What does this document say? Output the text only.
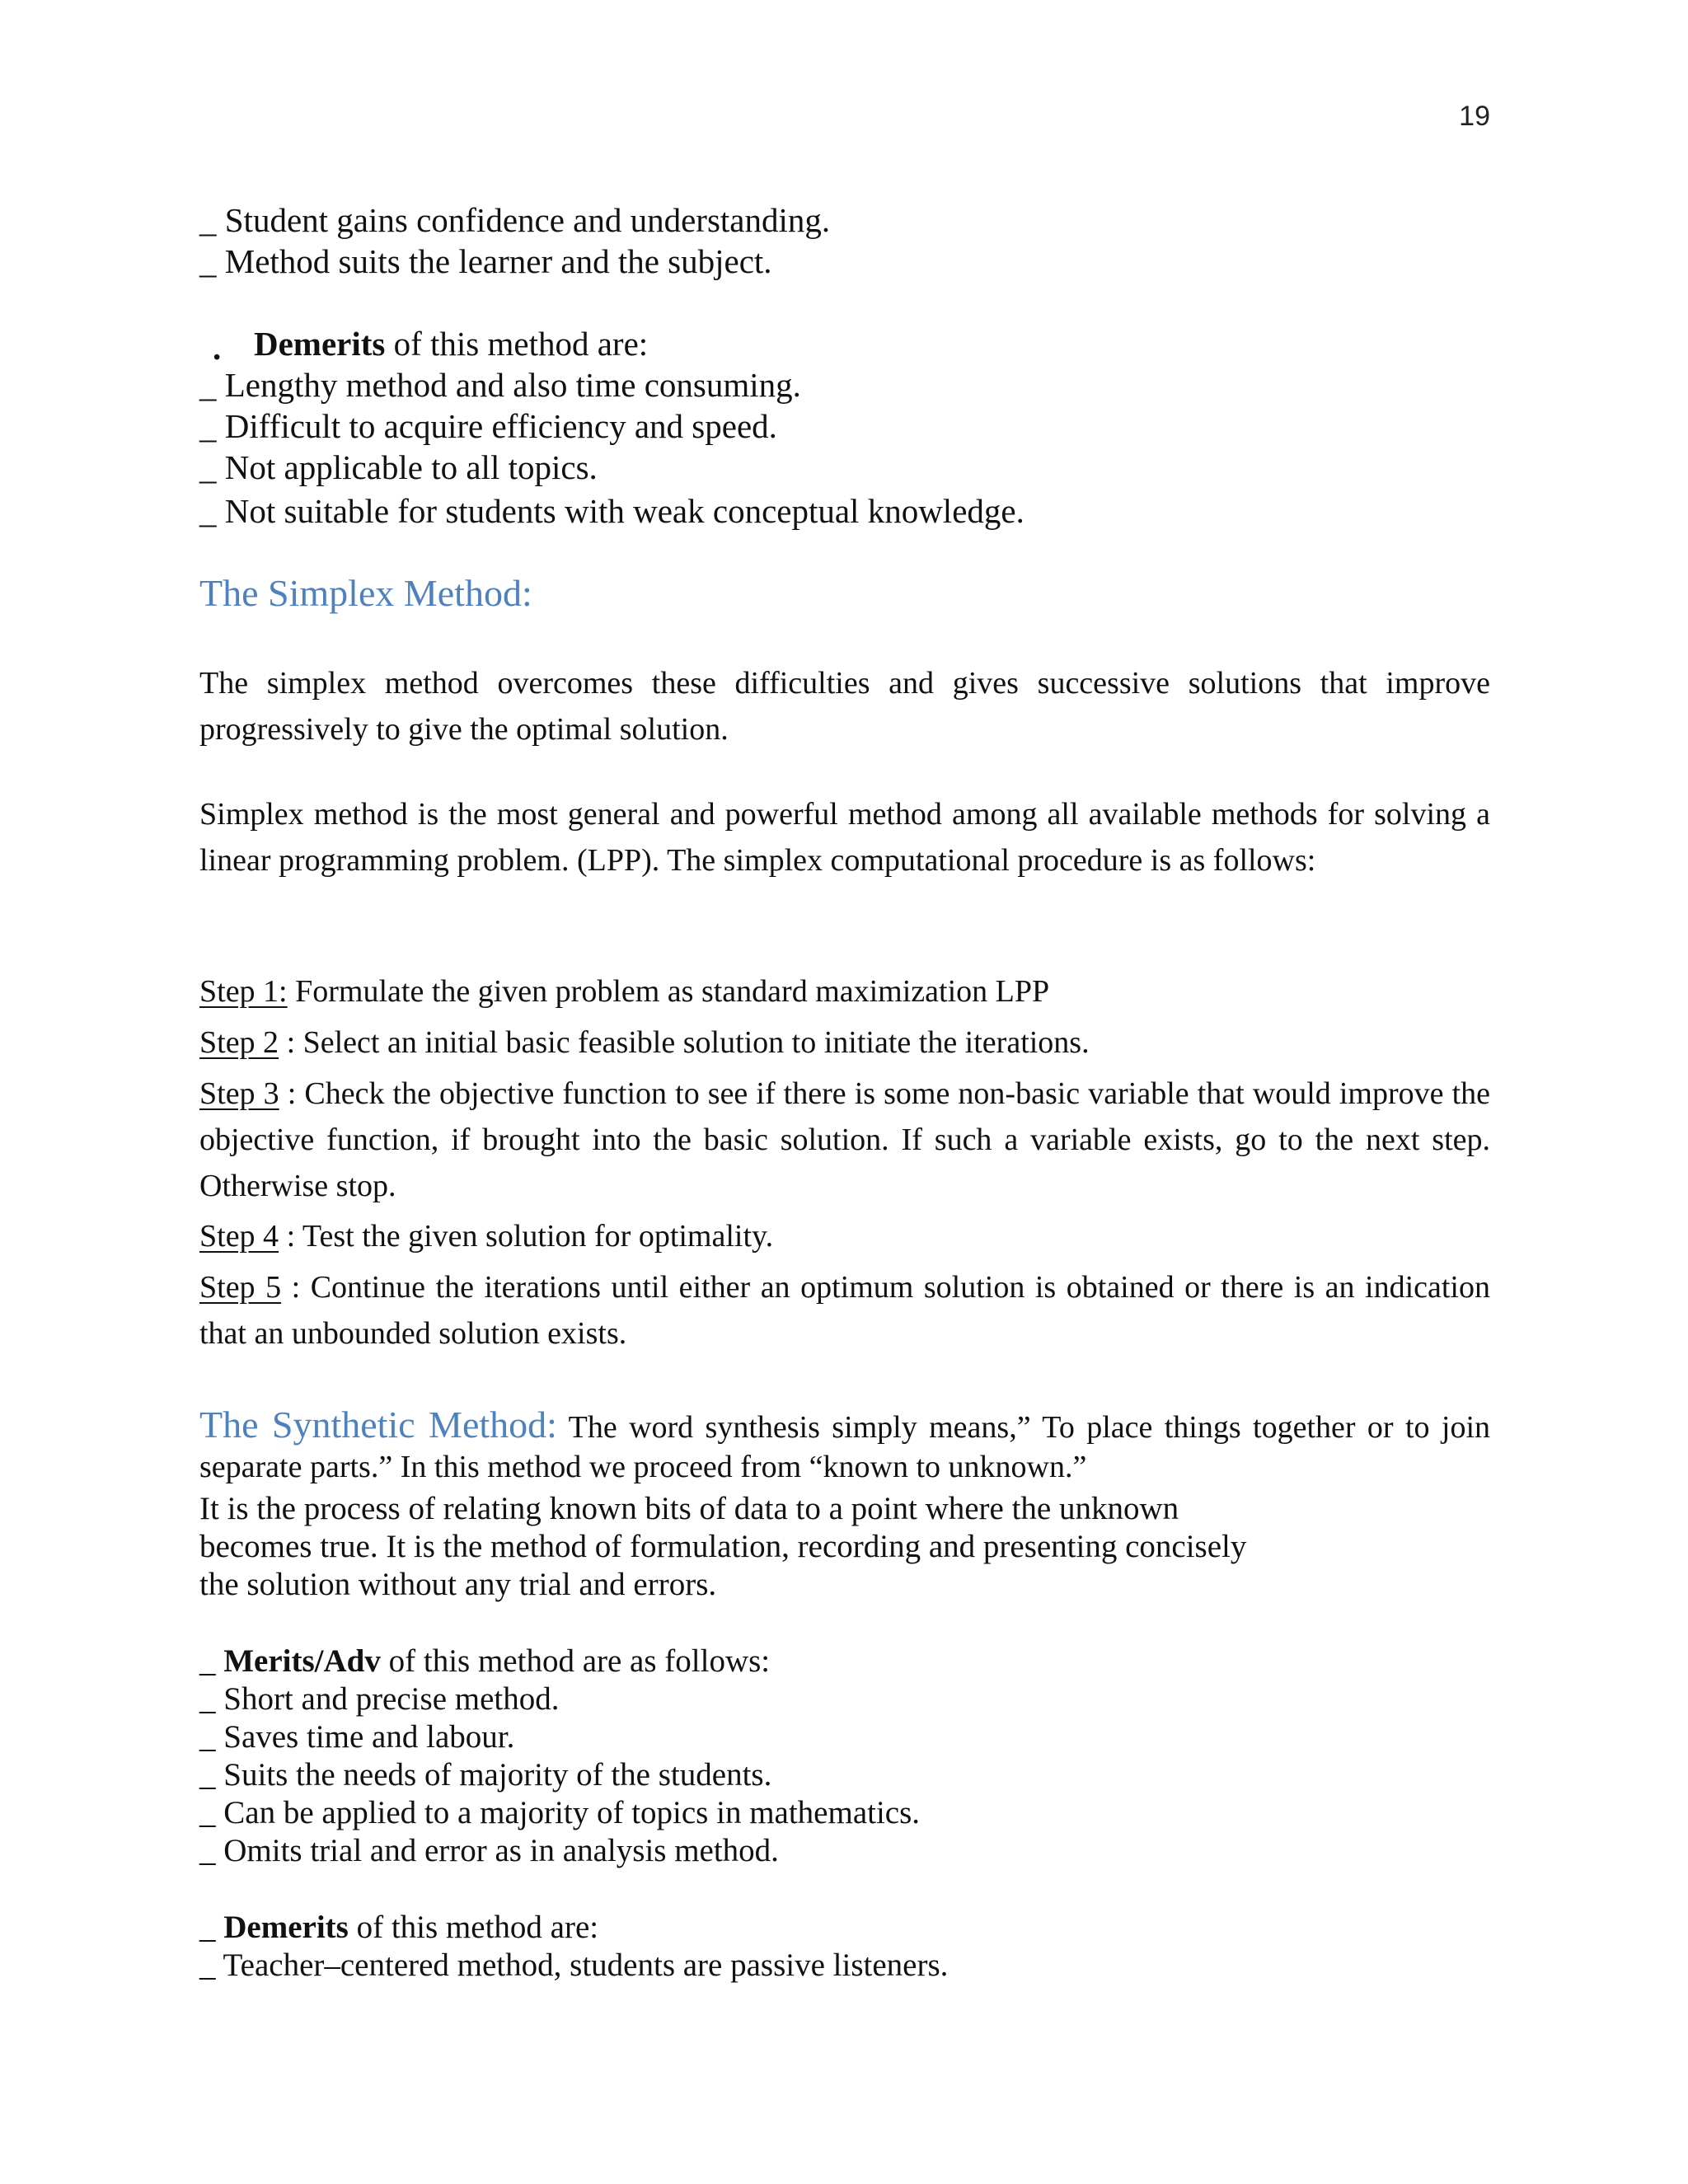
19
_ Student gains confidence and understanding.
_ Method suits the learner and the subject.
. Demerits of this method are:
_ Lengthy method and also time consuming.
_ Difficult to acquire efficiency and speed.
_ Not applicable to all topics.
_ Not suitable for students with weak conceptual knowledge.
The Simplex Method:
The simplex method overcomes these difficulties and gives successive solutions that improve progressively to give the optimal solution.
Simplex method is the most general and powerful method among all available methods for solving a linear programming problem. (LPP). The simplex computational procedure is as follows:
Step 1: Formulate the given problem as standard maximization LPP
Step 2 : Select an initial basic feasible solution to initiate the iterations.
Step 3 : Check the objective function to see if there is some non-basic variable that would improve the objective function, if brought into the basic solution. If such a variable exists, go to the next step. Otherwise stop.
Step 4 : Test the given solution for optimality.
Step 5 : Continue the iterations until either an optimum solution is obtained or there is an indication that an unbounded solution exists.
The Synthetic Method: The word synthesis simply means,” To place things together or to join separate parts.” In this method we proceed from “known to unknown.”
It is the process of relating known bits of data to a point where the unknown
becomes true. It is the method of formulation, recording and presenting concisely
the solution without any trial and errors.
_ Merits/Adv of this method are as follows:
_ Short and precise method.
_ Saves time and labour.
_ Suits the needs of majority of the students.
_ Can be applied to a majority of topics in mathematics.
_ Omits trial and error as in analysis method.
_ Demerits of this method are:
_ Teacher–centered method, students are passive listeners.
